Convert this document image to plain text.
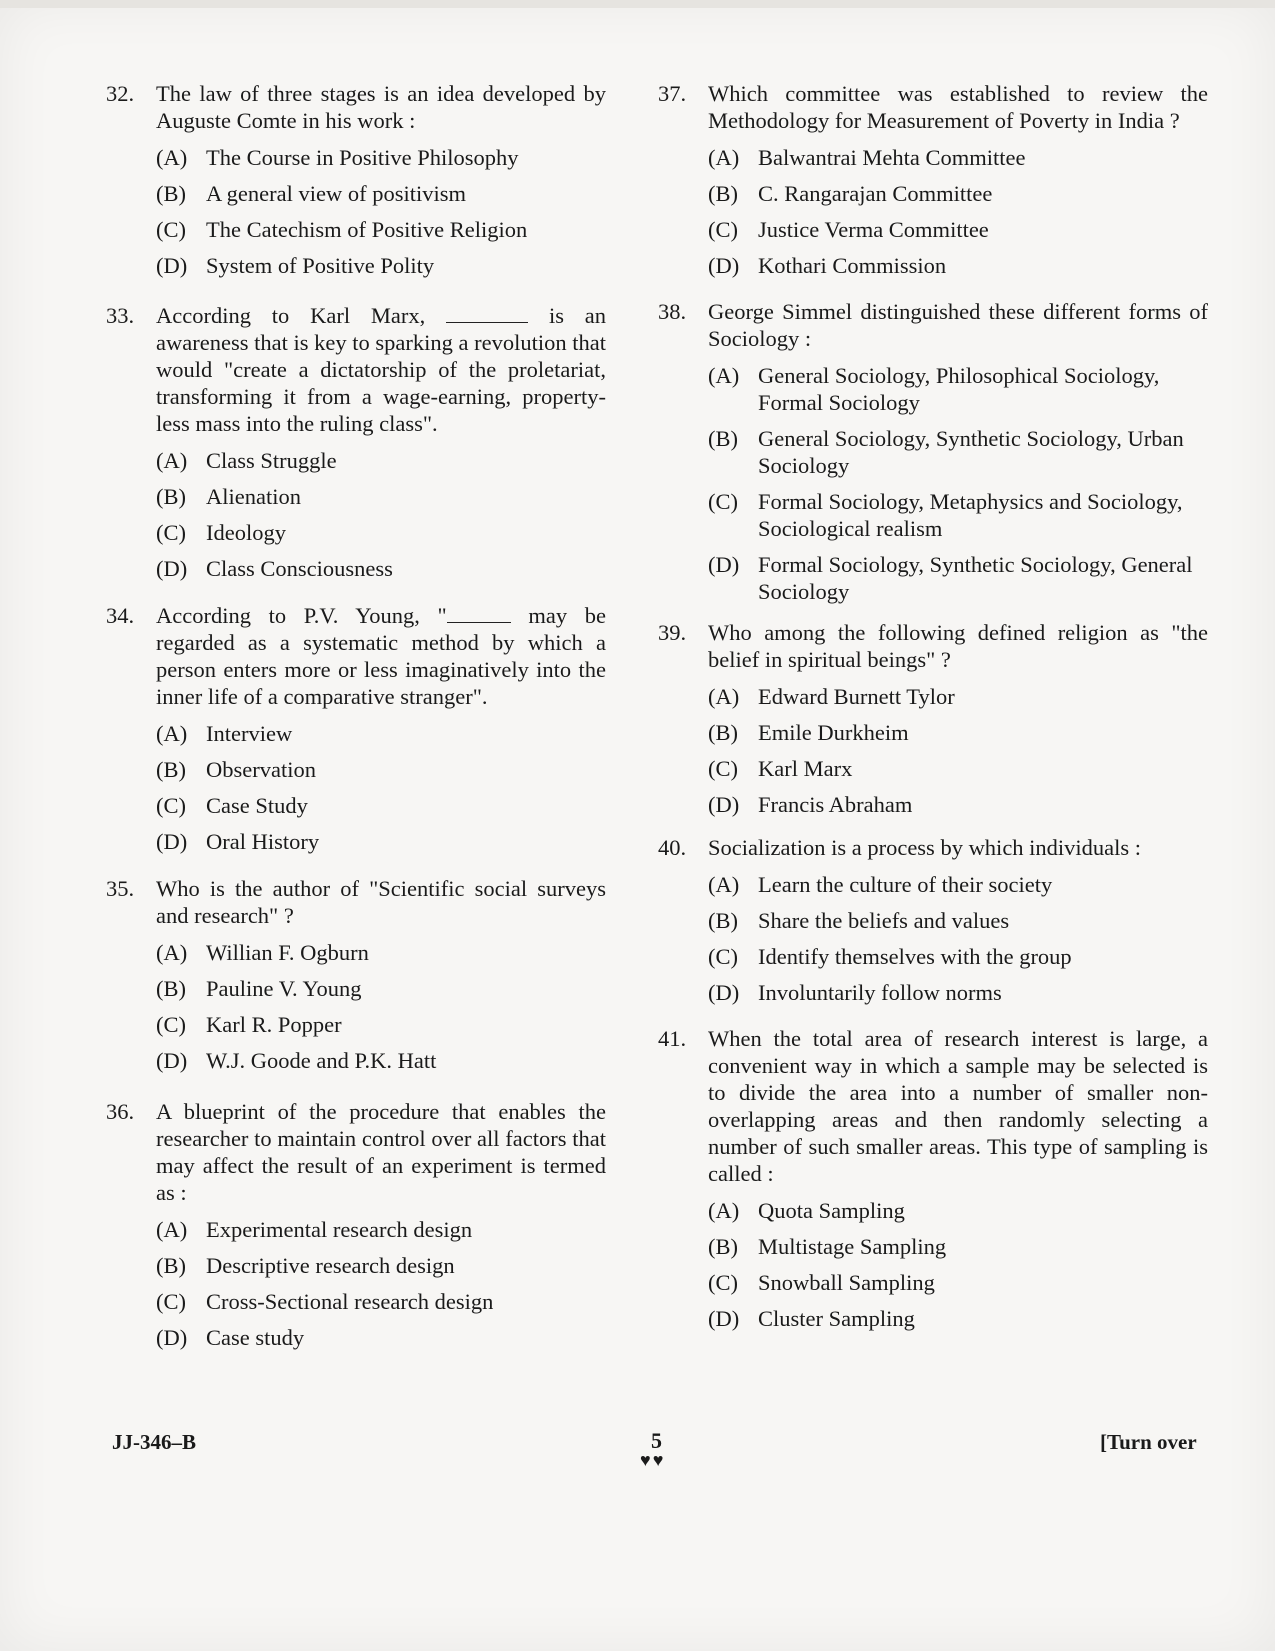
32. The law of three stages is an idea developed by Auguste Comte in his work :
(A) The Course in Positive Philosophy
(B) A general view of positivism
(C) The Catechism of Positive Religion
(D) System of Positive Polity
33. According to Karl Marx,	is an awareness that is key to sparking a revolution that would "create a dictatorship of the proletariat, transforming it from a wage-earning, property-less mass into the ruling class".
(A) Class Struggle
(B) Alienation
(C) Ideology
(D) Class Consciousness
34. According to P.V. Young, "	may be regarded as a systematic method by which a person enters more or less imaginatively into the inner life of a comparative stranger".
(A) Interview
(B) Observation
(C) Case Study
(D) Oral History
35. Who is the author of "Scientific social surveys and research" ?
(A) Willian F. Ogburn
(B) Pauline V. Young
(C) Karl R. Popper
(D) W.J. Goode and P.K. Hatt
36. A blueprint of the procedure that enables the researcher to maintain control over all factors that may affect the result of an experiment is termed as :
(A) Experimental research design
(B) Descriptive research design
(C) Cross-Sectional research design
(D) Case study
37. Which committee was established to review the Methodology for Measurement of Poverty in India ?
(A) Balwantrai Mehta Committee
(B) C. Rangarajan Committee
(C) Justice Verma Committee
(D) Kothari Commission
38. George Simmel distinguished these different forms of Sociology :
(A) General Sociology, Philosophical Sociology, Formal Sociology
(B) General Sociology, Synthetic Sociology, Urban Sociology
(C) Formal Sociology, Metaphysics and Sociology, Sociological realism
(D) Formal Sociology, Synthetic Sociology, General Sociology
39. Who among the following defined religion as "the belief in spiritual beings" ?
(A) Edward Burnett Tylor
(B) Emile Durkheim
(C) Karl Marx
(D) Francis Abraham
40. Socialization is a process by which individuals :
(A) Learn the culture of their society
(B) Share the beliefs and values
(C) Identify themselves with the group
(D) Involuntarily follow norms
41. When the total area of research interest is large, a convenient way in which a sample may be selected is to divide the area into a number of smaller non-overlapping areas and then randomly selecting a number of such smaller areas. This type of sampling is called :
(A) Quota Sampling
(B) Multistage Sampling
(C) Snowball Sampling
(D) Cluster Sampling
JJ-346–B	5
♥♥
[Turn over
